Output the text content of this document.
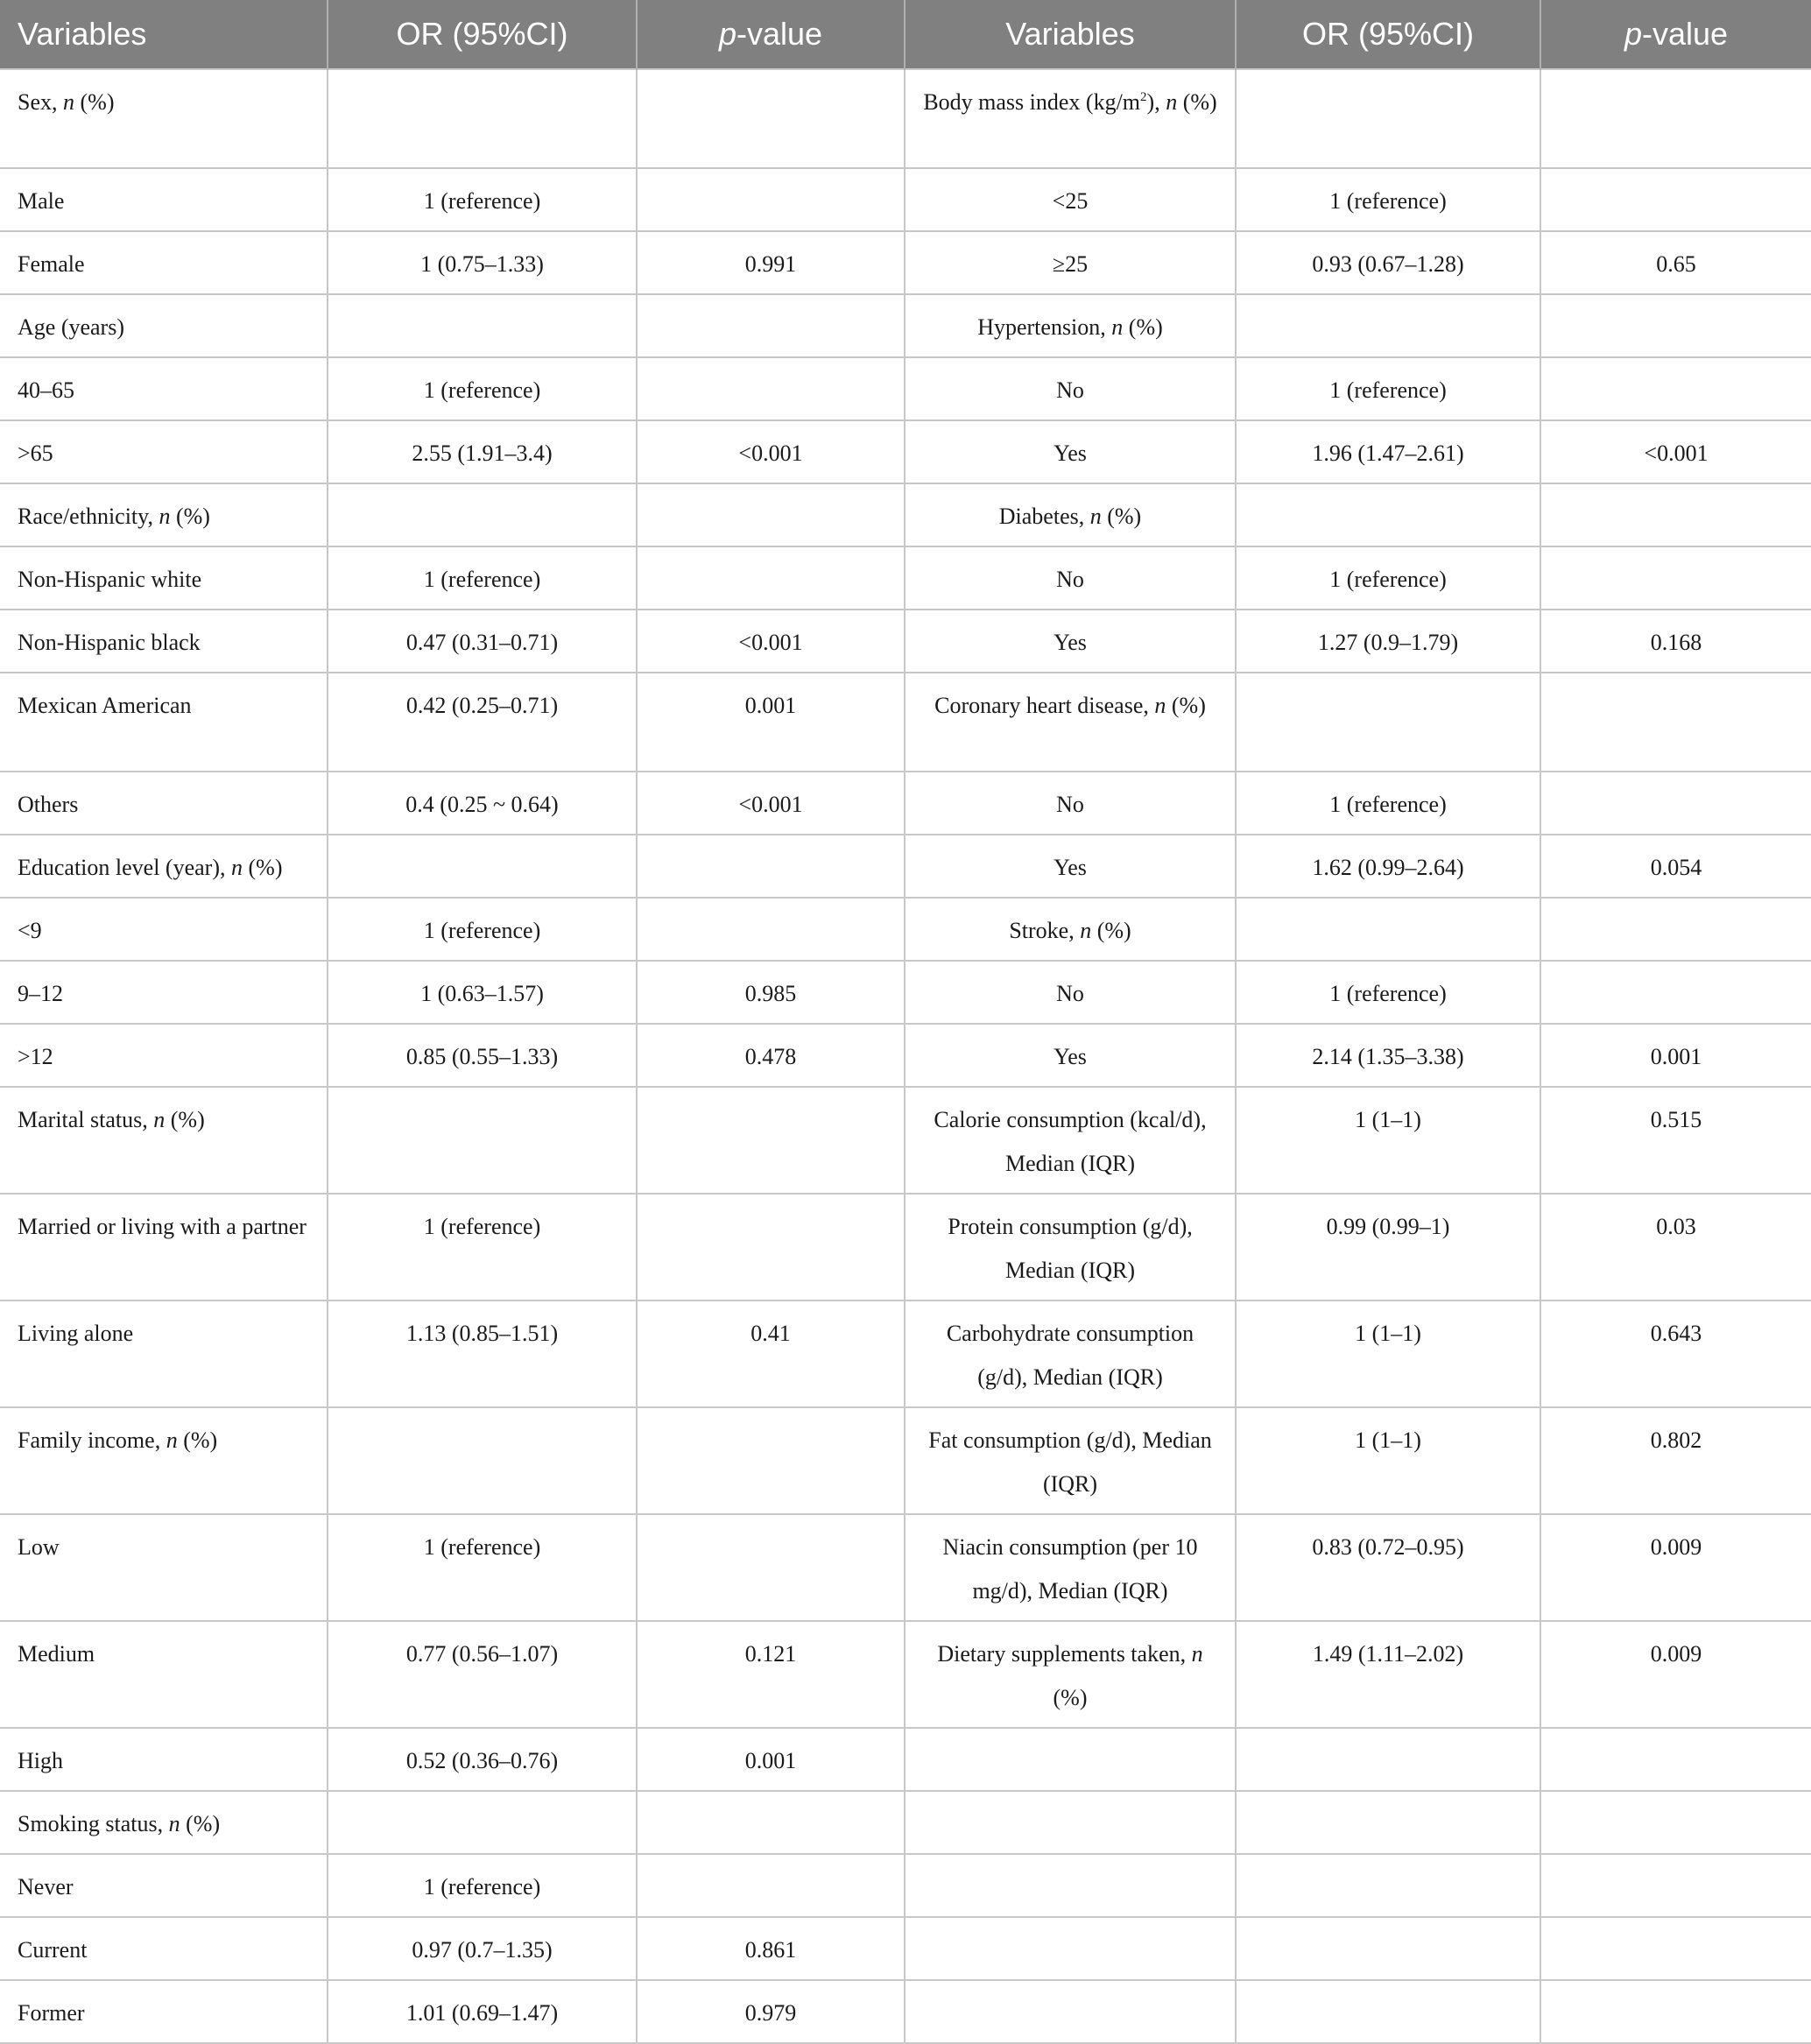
Variables	OR (95%CI)	p-value	Variables	OR (95%CI)	p-value
Sex, n (%)			Body mass index $(kg/m^2)$, n (%)		
Male	1 (reference)		<25	1 (reference)	
Female	1 (0.75–1.33)	0.991	≥25	0.93 (0.67–1.28)	0.65
Age (years)			Hypertension, n (%)		
40–65	1 (reference)		No	1 (reference)	
>65	2.55 (1.91–3.4)	<0.001	Yes	1.96 (1.47–2.61)	<0.001
Race/ethnicity, n (%)			Diabetes, n (%)		
Non-Hispanic white	1 (reference)		No	1 (reference)	
Non-Hispanic black	0.47 (0.31–0.71)	<0.001	Yes	1.27 (0.9–1.79)	0.168
Mexican American	0.42 (0.25–0.71)	0.001	Coronary heart disease, n (%)		
Others	0.4 (0.25 ~ 0.64)	<0.001	No	1 (reference)	
Education level (year), n (%)			Yes	1.62 (0.99–2.64)	0.054
<9	1 (reference)		Stroke, n (%)		
9–12	1 (0.63–1.57)	0.985	No	1 (reference)	
>12	0.85 (0.55–1.33)	0.478	Yes	2.14 (1.35–3.38)	0.001
Marital status, n (%)			Calorie consumption (kcal/d), Median (IQR)	1 (1–1)	0.515
Married or living with a partner	1 (reference)		Protein consumption (g/d), Median (IQR)	0.99 (0.99–1)	0.03
Living alone	1.13 (0.85–1.51)	0.41	Carbohydrate consumption (g/d), Median (IQR)	1 (1–1)	0.643
Family income, n (%)			Fat consumption (g/d), Median (IQR)	1 (1–1)	0.802
Low	1 (reference)		Niacin consumption (per 10 mg/d), Median (IQR)	0.83 (0.72–0.95)	0.009
Medium	0.77 (0.56–1.07)	0.121	Dietary supplements taken, n (%)	1.49 (1.11–2.02)	0.009
High	0.52 (0.36–0.76)	0.001			
Smoking status, n (%)					
Never	1 (reference)				
Current	0.97 (0.7–1.35)	0.861			
Former	1.01 (0.69–1.47)	0.979			
